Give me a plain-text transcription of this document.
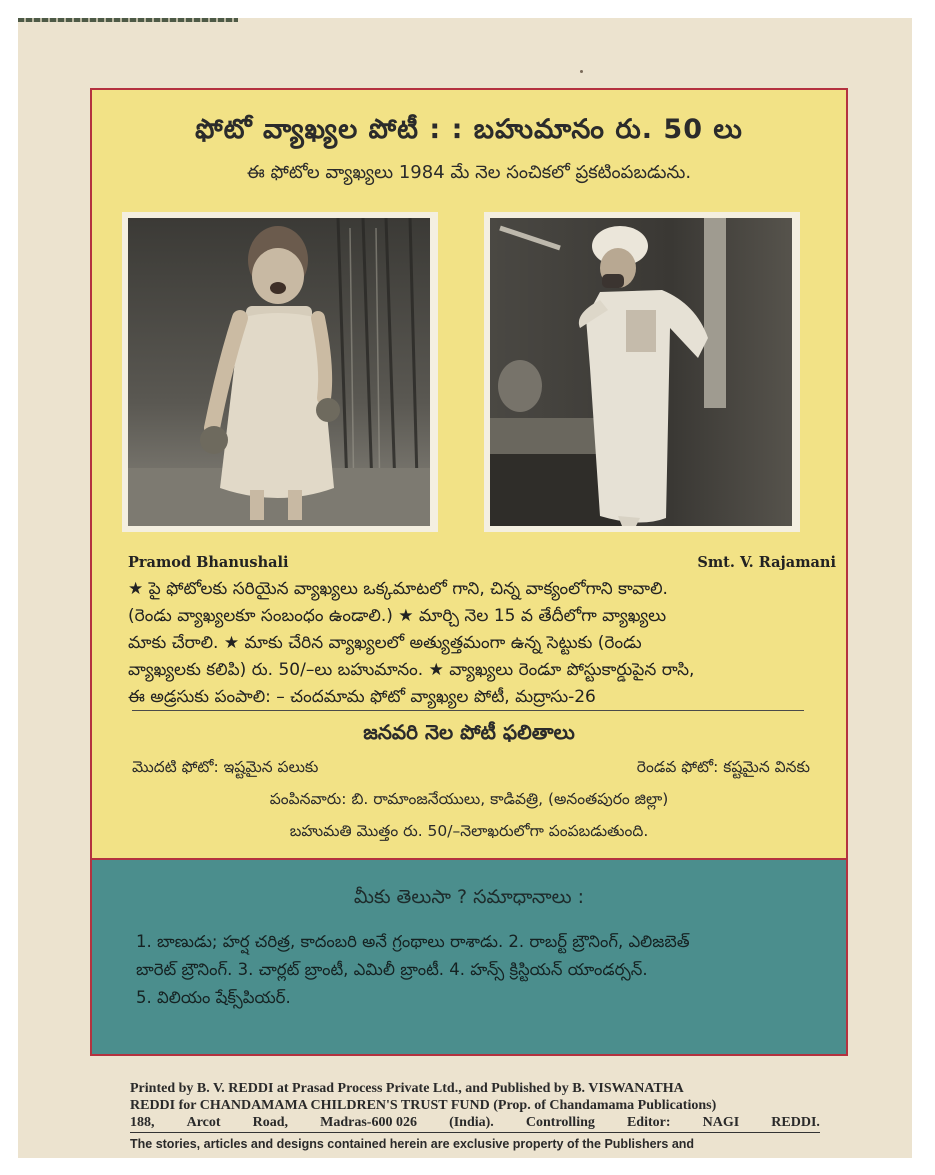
ఫోటో వ్యాఖ్యల పోటీ : : బహుమానం రు. 50 లు
ఈ ఫోటోల వ్యాఖ్యలు 1984 మే నెల సంచికలో ప్రకటింపబడును.
Pramod Bhanushali	Smt. V. Rajamani
★ పై ఫోటోలకు సరియైన వ్యాఖ్యలు ఒక్కమాటలో గాని, చిన్న వాక్యంలోగాని కావాలి.
(రెండు వ్యాఖ్యలకూ సంబంధం ఉండాలి.) ★ మార్చి నెల 15 వ తేదీలోగా వ్యాఖ్యలు
మాకు చేరాలి. ★ మాకు చేరిన వ్యాఖ్యలలో అత్యుత్తమంగా ఉన్న సెట్టుకు (రెండు
వ్యాఖ్యలకు కలిపి) రు. 50/–లు బహుమానం. ★ వ్యాఖ్యలు రెండూ పోస్టుకార్డుపైన రాసి,
ఈ అడ్రసుకు పంపాలి: – చందమామ ఫోటో వ్యాఖ్యల పోటీ, మద్రాసు-26
జనవరి నెల పోటీ ఫలితాలు
మొదటి ఫోటో: ఇష్టమైన పలుకు	రెండవ ఫోటో: కష్టమైన వినకు
పంపినవారు: బి. రామాంజనేయులు, కాడివత్రి, (అనంతపురం జిల్లా)
బహుమతి మొత్తం రు. 50/–నెలాఖరులోగా పంపబడుతుంది.
మీకు తెలుసా ? సమాధానాలు :
1. బాణుడు; హర్ష చరిత్ర, కాదంబరి అనే గ్రంథాలు రాశాడు. 2. రాబర్ట్ బ్రౌనింగ్, ఎలిజబెత్
బారెట్ బ్రౌనింగ్. 3. చార్లట్ బ్రాంటీ, ఎమిలీ బ్రాంటీ. 4. హన్స్ క్రిస్టియన్ యాండర్సన్.
5. విలియం షేక్స్‌పియర్.
Printed by B. V. REDDI at Prasad Process Private Ltd., and Published by B. VISWANATHA
REDDI for CHANDAMAMA CHILDREN'S TRUST FUND (Prop. of Chandamama Publications)
188, Arcot Road, Madras-600 026 (India). Controlling Editor: NAGI REDDI.
The stories, articles and designs contained herein are exclusive property of the Publishers and
